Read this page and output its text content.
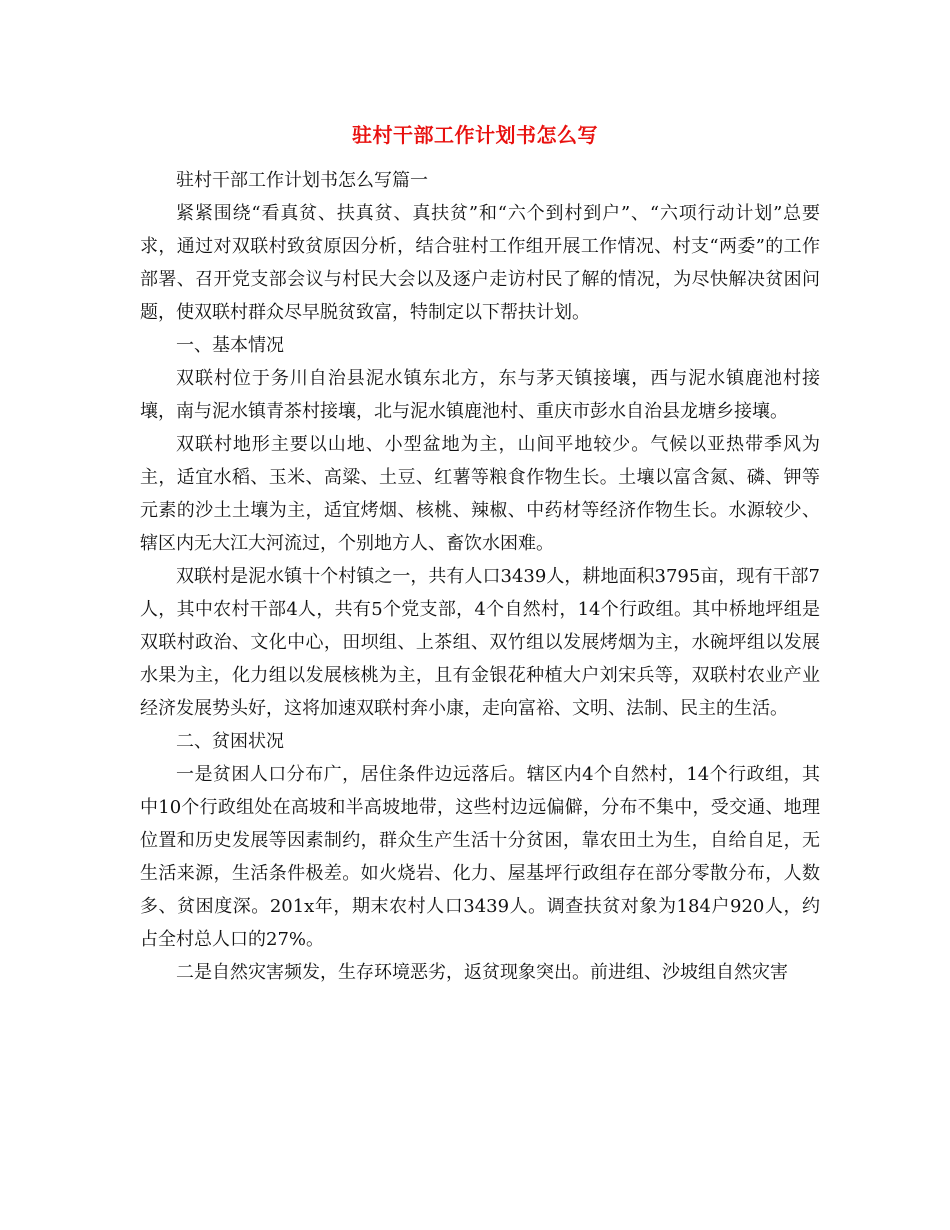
驻村干部工作计划书怎么写

驻村干部工作计划书怎么写篇一

紧紧围绕“看真贫、扶真贫、真扶贫”和“六个到村到户”、“六项行动计划”总要求，通过对双联村致贫原因分析，结合驻村工作组开展工作情况、村支“两委”的工作部署、召开党支部会议与村民大会以及逐户走访村民了解的情况，为尽快解决贫困问题，使双联村群众尽早脱贫致富，特制定以下帮扶计划。

一、基本情况

双联村位于务川自治县泥水镇东北方，东与茅天镇接壤，西与泥水镇鹿池村接壤，南与泥水镇青茶村接壤，北与泥水镇鹿池村、重庆市彭水自治县龙塘乡接壤。

双联村地形主要以山地、小型盆地为主，山间平地较少。气候以亚热带季风为主，适宜水稻、玉米、高粱、土豆、红薯等粮食作物生长。土壤以富含氮、磷、钾等元素的沙土土壤为主，适宜烤烟、核桃、辣椒、中药材等经济作物生长。水源较少、辖区内无大江大河流过，个别地方人、畜饮水困难。

双联村是泥水镇十个村镇之一，共有人口3439人，耕地面积3795亩，现有干部7人，其中农村干部4人，共有5个党支部，4个自然村，14个行政组。其中桥地坪组是双联村政治、文化中心，田坝组、上茶组、双竹组以发展烤烟为主，水碗坪组以发展水果为主，化力组以发展核桃为主，且有金银花种植大户刘宋兵等，双联村农业产业经济发展势头好，这将加速双联村奔小康，走向富裕、文明、法制、民主的生活。

二、贫困状况

一是贫困人口分布广，居住条件边远落后。辖区内4个自然村，14个行政组，其中10个行政组处在高坡和半高坡地带，这些村边远偏僻，分布不集中，受交通、地理位置和历史发展等因素制约，群众生产生活十分贫困，靠农田土为生，自给自足，无生活来源，生活条件极差。如火烧岩、化力、屋基坪行政组存在部分零散分布，人数多、贫困度深。201x年，期末农村人口3439人。调查扶贫对象为184户920人，约占全村总人口的27%。

二是自然灾害频发，生存环境恶劣，返贫现象突出。前进组、沙坡组自然灾害
